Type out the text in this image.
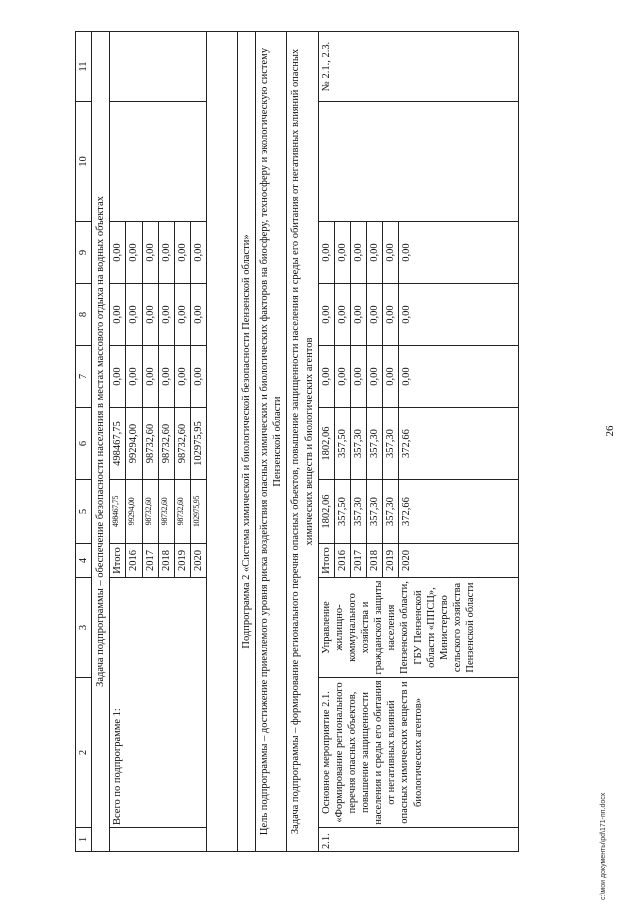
26
c:\мои документы\pd\171-пп.docx
1	2	3	4	5	6	7	8	9	10	11
Задача подпрограммы – обеспечение безопасности населения в местах массового отдыха на водных объектах										
	Всего по подпрограмме 1:		Итого	498467,75	498467,75	0,00	0,00	0,00		
			2016	99294,00	99294,00	0,00	0,00	0,00		
			2017	98732,60	98732,60	0,00	0,00	0,00		
			2018	98732,60	98732,60	0,00	0,00	0,00		
			2019	98732,60	98732,60	0,00	0,00	0,00		
			2020	102975,95	102975,95	0,00	0,00	0,00		

Подпрограмма 2 «Система химической и биологической безопасности Пензенской области»										
Цель подпрограммы – достижение приемлемого уровня риска воздействия опасных химических и биологических факторов на биосферу, техносферу и экологическую систему Пензенской области										
Задача подпрограммы – формирование регионального перечня опасных объектов, повышение защищенности населения и среды его обитания от негативных влияний опасных химических веществ и биологических агентов										
2.1.	Основное мероприятие 2.1. «Формирование регионального перечня опасных объектов, повышение защищенности населения и среды его обитания от негативных влияний опасных химических веществ и биологических агентов»	Управление жилищно-коммунального хозяйства и гражданской защиты населения Пензенской области, ГБУ Пензенской области «ППСЦ», Министерство сельского хозяйства Пензенской области	Итого	1802,06	1802,06	0,00	0,00	0,00		№ 2.1., 2.3.
			2016	357,50	357,50	0,00	0,00	0,00		
			2017	357,30	357,30	0,00	0,00	0,00		
			2018	357,30	357,30	0,00	0,00	0,00		
			2019	357,30	357,30	0,00	0,00	0,00		
			2020	372,66	372,66	0,00	0,00	0,00		
